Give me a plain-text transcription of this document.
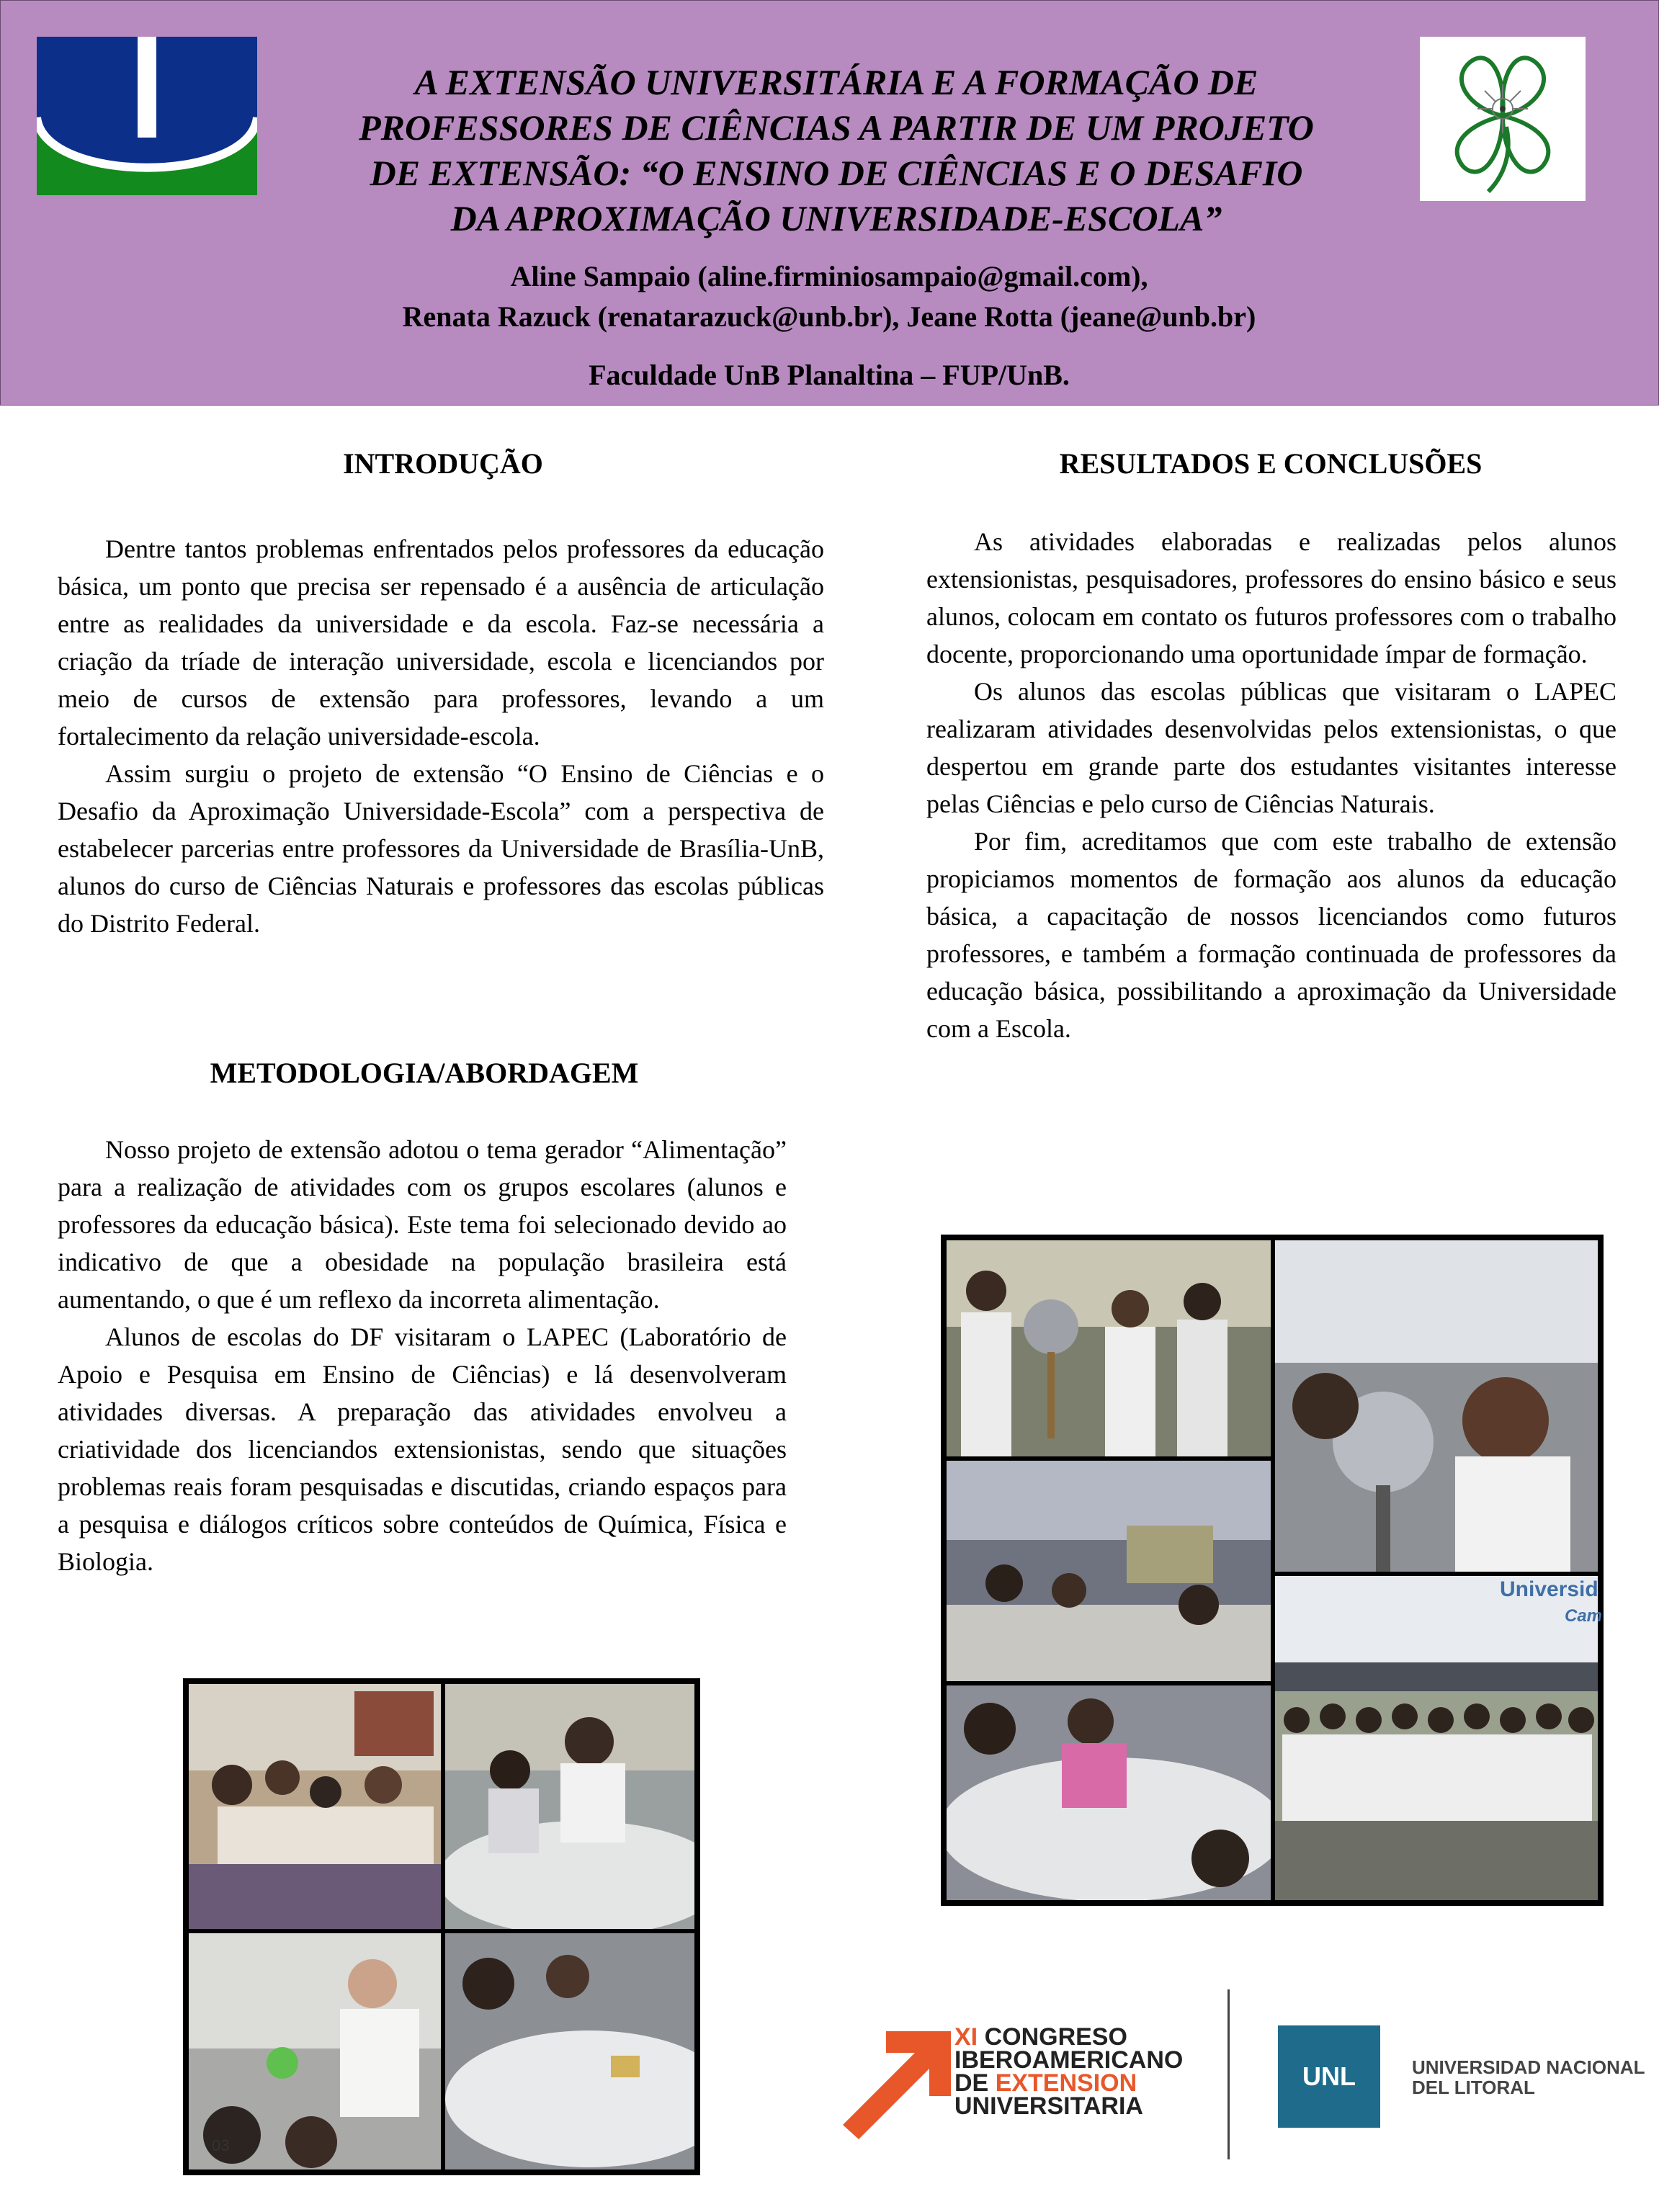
A EXTENSÃO UNIVERSITÁRIA E A FORMAÇÃO DE
PROFESSORES DE CIÊNCIAS A PARTIR DE UM PROJETO
DE EXTENSÃO: “O ENSINO DE CIÊNCIAS E O DESAFIO
DA APROXIMAÇÃO UNIVERSIDADE-ESCOLA”
Aline Sampaio (aline.firminiosampaio@gmail.com),
Renata Razuck (renatarazuck@unb.br), Jeane Rotta (jeane@unb.br)
Faculdade UnB Planaltina – FUP/UnB.
INTRODUÇÃO

Dentre tantos problemas enfrentados pelos professores da educação básica, um ponto que precisa ser repensado é a ausência de articulação entre as realidades da universidade e da escola. Faz-se necessária a criação da tríade de interação universidade, escola e licenciandos por meio de cursos de extensão para professores, levando a um fortalecimento da relação universidade-escola.

Assim surgiu o projeto de extensão “O Ensino de Ciências e o Desafio da Aproximação Universidade-Escola” com a perspectiva de estabelecer parcerias entre professores da Universidade de Brasília-UnB, alunos do curso de Ciências Naturais e professores das escolas públicas do Distrito Federal.

METODOLOGIA/ABORDAGEM

Nosso projeto de extensão adotou o tema gerador “Alimentação” para a realização de atividades com os grupos escolares (alunos e professores da educação básica). Este tema foi selecionado devido ao indicativo de que a obesidade na população brasileira está aumentando, o que é um reflexo da incorreta alimentação.

Alunos de escolas do DF visitaram o LAPEC (Laboratório de Apoio e Pesquisa em Ensino de Ciências) e lá desenvolveram atividades diversas. A preparação das atividades envolveu a criatividade dos licenciandos extensionistas, sendo que situações problemas reais foram pesquisadas e discutidas, criando espaços para a pesquisa e diálogos críticos sobre conteúdos de Química, Física e Biologia.

RESULTADOS E CONCLUSÕES

As atividades elaboradas e realizadas pelos alunos extensionistas, pesquisadores, professores do ensino básico e seus alunos, colocam em contato os futuros professores com o trabalho docente, proporcionando uma oportunidade ímpar de formação.

Os alunos das escolas públicas que visitaram o LAPEC realizaram atividades desenvolvidas pelos extensionistas, o que despertou em grande parte dos estudantes visitantes interesse pelas Ciências e pelo curso de Ciências Naturais.

Por fim, acreditamos que com este trabalho de extensão propiciamos momentos de formação aos alunos da educação básica, a capacitação de nossos licenciandos como futuros professores, e também a formação continuada de professores da educação básica, possibilitando a aproximação da Universidade com a Escola.

Universid
Cam
03
XI CONGRESO
IBEROAMERICANO
DE EXTENSION
UNIVERSITARIA
UNL	UNIVERSIDAD NACIONAL
DEL LITORAL
